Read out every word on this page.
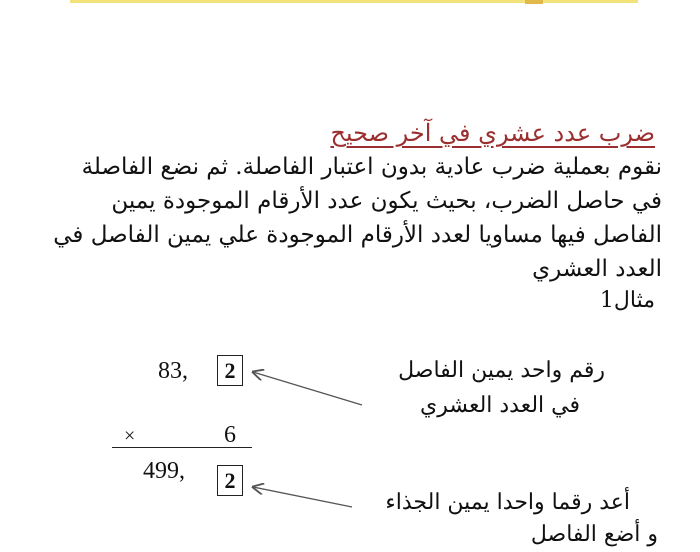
ضرب عدد عشري في آخر صحيح
نقوم بعملية ضرب عادية بدون اعتبار الفاصلة. ثم نضع الفاصلة في حاصل الضرب، بحيث يكون عدد الأرقام الموجودة يمين الفاصل فيها مساويا لعدد الأرقام الموجودة علي يمين الفاصل في العدد العشري
مثال1
83,	2
×	6
499,	2
رقم واحد يمين الفاصل
في العدد العشري
أعد رقما واحدا يمين الجذاء
و أضع الفاصل
